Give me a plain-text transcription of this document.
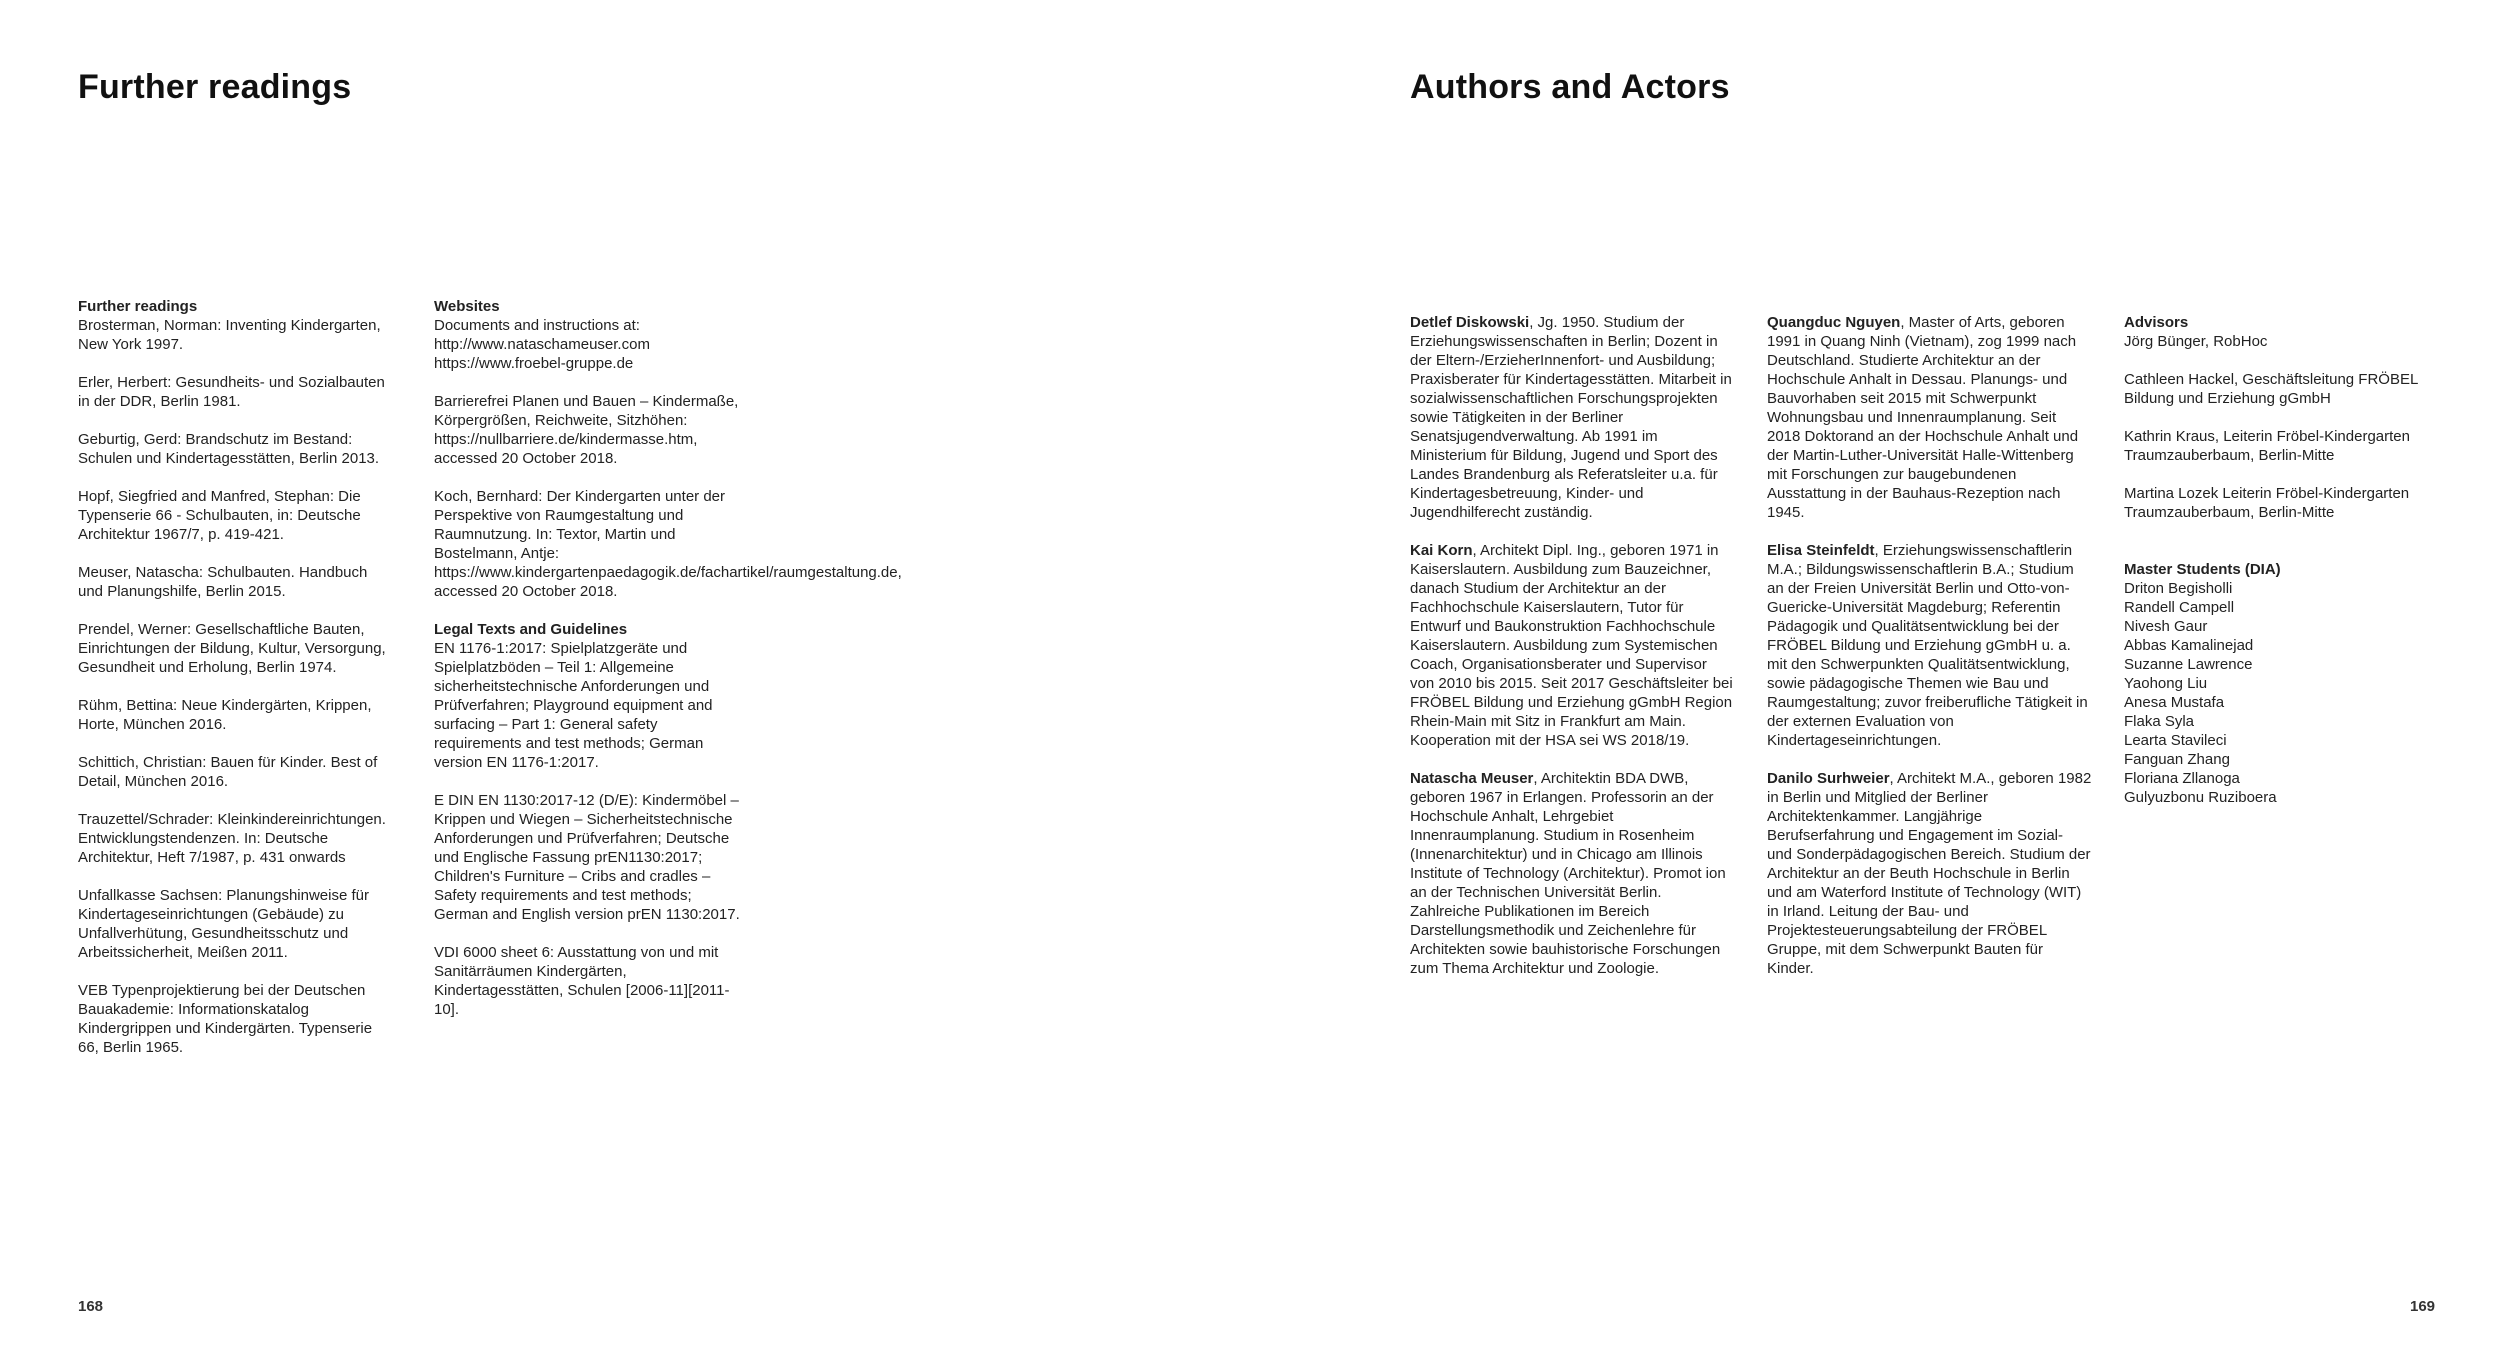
Further readings
Further readings

Brosterman, Norman: Inventing Kindergarten, New York 1997.

Erler, Herbert: Gesundheits- und Sozialbauten in der DDR, Berlin 1981.

Geburtig, Gerd: Brandschutz im Bestand: Schulen und Kindertagesstätten, Berlin 2013.

Hopf, Siegfried and Manfred, Stephan: Die Typenserie 66 - Schulbauten, in: Deutsche Architektur 1967/7, p. 419-421.

Meuser, Natascha: Schulbauten. Handbuch und Planungshilfe, Berlin 2015.

Prendel, Werner: Gesellschaftliche Bauten, Einrichtungen der Bildung, Kultur, Versorgung, Gesundheit und Erholung, Berlin 1974.

Rühm, Bettina: Neue Kindergärten, Krippen, Horte, München 2016.

Schittich, Christian: Bauen für Kinder. Best of Detail, München 2016.

Trauzettel/Schrader: Kleinkindereinrichtungen. Entwicklungstendenzen. In: Deutsche Architektur, Heft 7/1987, p. 431 onwards

Unfallkasse Sachsen: Planungshinweise für Kindertageseinrichtungen (Gebäude) zu Unfallverhütung, Gesundheitsschutz und Arbeitssicherheit, Meißen 2011.

VEB Typenprojektierung bei der Deutschen Bauakademie: Informationskatalog Kindergrippen und Kindergärten. Typenserie 66, Berlin 1965.

Websites
Documents and instructions at:
http://www.nataschameuser.com

https://www.froebel-gruppe.de

Barrierefrei Planen und Bauen – Kindermaße, Körpergrößen, Reichweite, Sitzhöhen: https://nullbarriere.de/kindermasse.htm, accessed 20 October 2018.

Koch, Bernhard: Der Kindergarten unter der Perspektive von Raumgestaltung und Raumnutzung. In: Textor, Martin und Bostelmann, Antje: https://www.kindergartenpaedagogik.de/fachartikel/raumgestaltung.de, accessed 20 October 2018.

Legal Texts and Guidelines

EN 1176-1:2017: Spielplatzgeräte und Spielplatzböden – Teil 1: Allgemeine sicherheitstechnische Anforderungen und Prüfverfahren; Playground equipment and surfacing – Part 1: General safety requirements and test methods; German version EN 1176-1:2017.

E DIN EN 1130:2017-12 (D/E): Kindermöbel – Krippen und Wiegen – Sicherheitstechnische Anforderungen und Prüfverfahren; Deutsche und Englische Fassung prEN1130:2017; Children's Furniture – Cribs and cradles – Safety requirements and test methods; German and English version prEN 1130:2017.

VDI 6000 sheet 6: Ausstattung von und mit Sanitärräumen Kindergärten, Kindertagesstätten, Schulen [2006-11][2011-10].

168
Authors and Actors

Detlef Diskowski, Jg. 1950. Studium der Erziehungswissenschaften in Berlin; Dozent in der Eltern-/ErzieherInnenfort- und Ausbildung; Praxisberater für Kindertagesstätten. Mitarbeit in sozialwissenschaftlichen Forschungsprojekten sowie Tätigkeiten in der Berliner Senatsjugendverwaltung. Ab 1991 im Ministerium für Bildung, Jugend und Sport des Landes Brandenburg als Referatsleiter u.a. für Kindertagesbetreuung, Kinder- und Jugendhilferecht zuständig.

Kai Korn, Architekt Dipl. Ing., geboren 1971 in Kaiserslautern. Ausbildung zum Bauzeichner, danach Studium der Architektur an der Fachhochschule Kaiserslautern, Tutor für Entwurf und Baukonstruktion Fachhochschule Kaiserslautern. Ausbildung zum Systemischen Coach, Organisationsberater und Supervisor von 2010 bis 2015. Seit 2017 Geschäftsleiter bei FRÖBEL Bildung und Erziehung gGmbH Region Rhein-Main mit Sitz in Frankfurt am Main. Kooperation mit der HSA sei WS 2018/19.

Natascha Meuser, Architektin BDA DWB, geboren 1967 in Erlangen. Professorin an der Hochschule Anhalt, Lehrgebiet Innenraumplanung. Studium in Rosenheim (Innenarchitektur) und in Chicago am Illinois Institute of Technology (Architektur). Promot ion an der Technischen Universität Berlin. Zahlreiche Publikationen im Bereich Darstellungsmethodik und Zeichenlehre für Architekten sowie bauhistorische Forschungen zum Thema Architektur und Zoologie.

Quangduc Nguyen, Master of Arts, geboren 1991 in Quang Ninh (Vietnam), zog 1999 nach Deutschland. Studierte Architektur an der Hochschule Anhalt in Dessau. Planungs- und Bauvorhaben seit 2015 mit Schwerpunkt Wohnungsbau und Innenraumplanung. Seit 2018 Doktorand an der Hochschule Anhalt und der Martin-Luther-Universität Halle-Wittenberg mit Forschungen zur baugebundenen Ausstattung in der Bauhaus-Rezeption nach 1945.

Elisa Steinfeldt, Erziehungswissenschaftlerin M.A.; Bildungswissenschaftlerin B.A.; Studium an der Freien Universität Berlin und Otto-von-Guericke-Universität Magdeburg; Referentin Pädagogik und Qualitätsentwicklung bei der FRÖBEL Bildung und Erziehung gGmbH u. a. mit den Schwerpunkten Qualitätsentwicklung, sowie pädagogische Themen wie Bau und Raumgestaltung; zuvor freiberufliche Tätigkeit in der externen Evaluation von Kindertageseinrichtungen.

Danilo Surhweier, Architekt M.A., geboren 1982 in Berlin und Mitglied der Berliner Architektenkammer. Langjährige Berufserfahrung und Engagement im Sozial- und Sonderpädagogischen Bereich. Studium der Architektur an der Beuth Hochschule in Berlin und am Waterford Institute of Technology (WIT) in Irland. Leitung der Bau- und Projektesteuerungsabteilung der FRÖBEL Gruppe, mit dem Schwerpunkt Bauten für Kinder.

Advisors

Jörg Bünger, RobHoc

Cathleen Hackel, Geschäftsleitung FRÖBEL Bildung und Erziehung gGmbH

Kathrin Kraus, Leiterin Fröbel-Kindergarten Traumzauberbaum, Berlin-Mitte

Martina Lozek Leiterin Fröbel-Kindergarten Traumzauberbaum, Berlin-Mitte

Master Students (DIA)
Driton Begisholli
Randell Campell
Nivesh Gaur
Abbas Kamalinejad
Suzanne Lawrence
Yaohong Liu
Anesa Mustafa
Flaka Syla
Learta Stavileci
Fanguan Zhang
Floriana Zllanoga
Gulyuzbonu Ruziboera
169
